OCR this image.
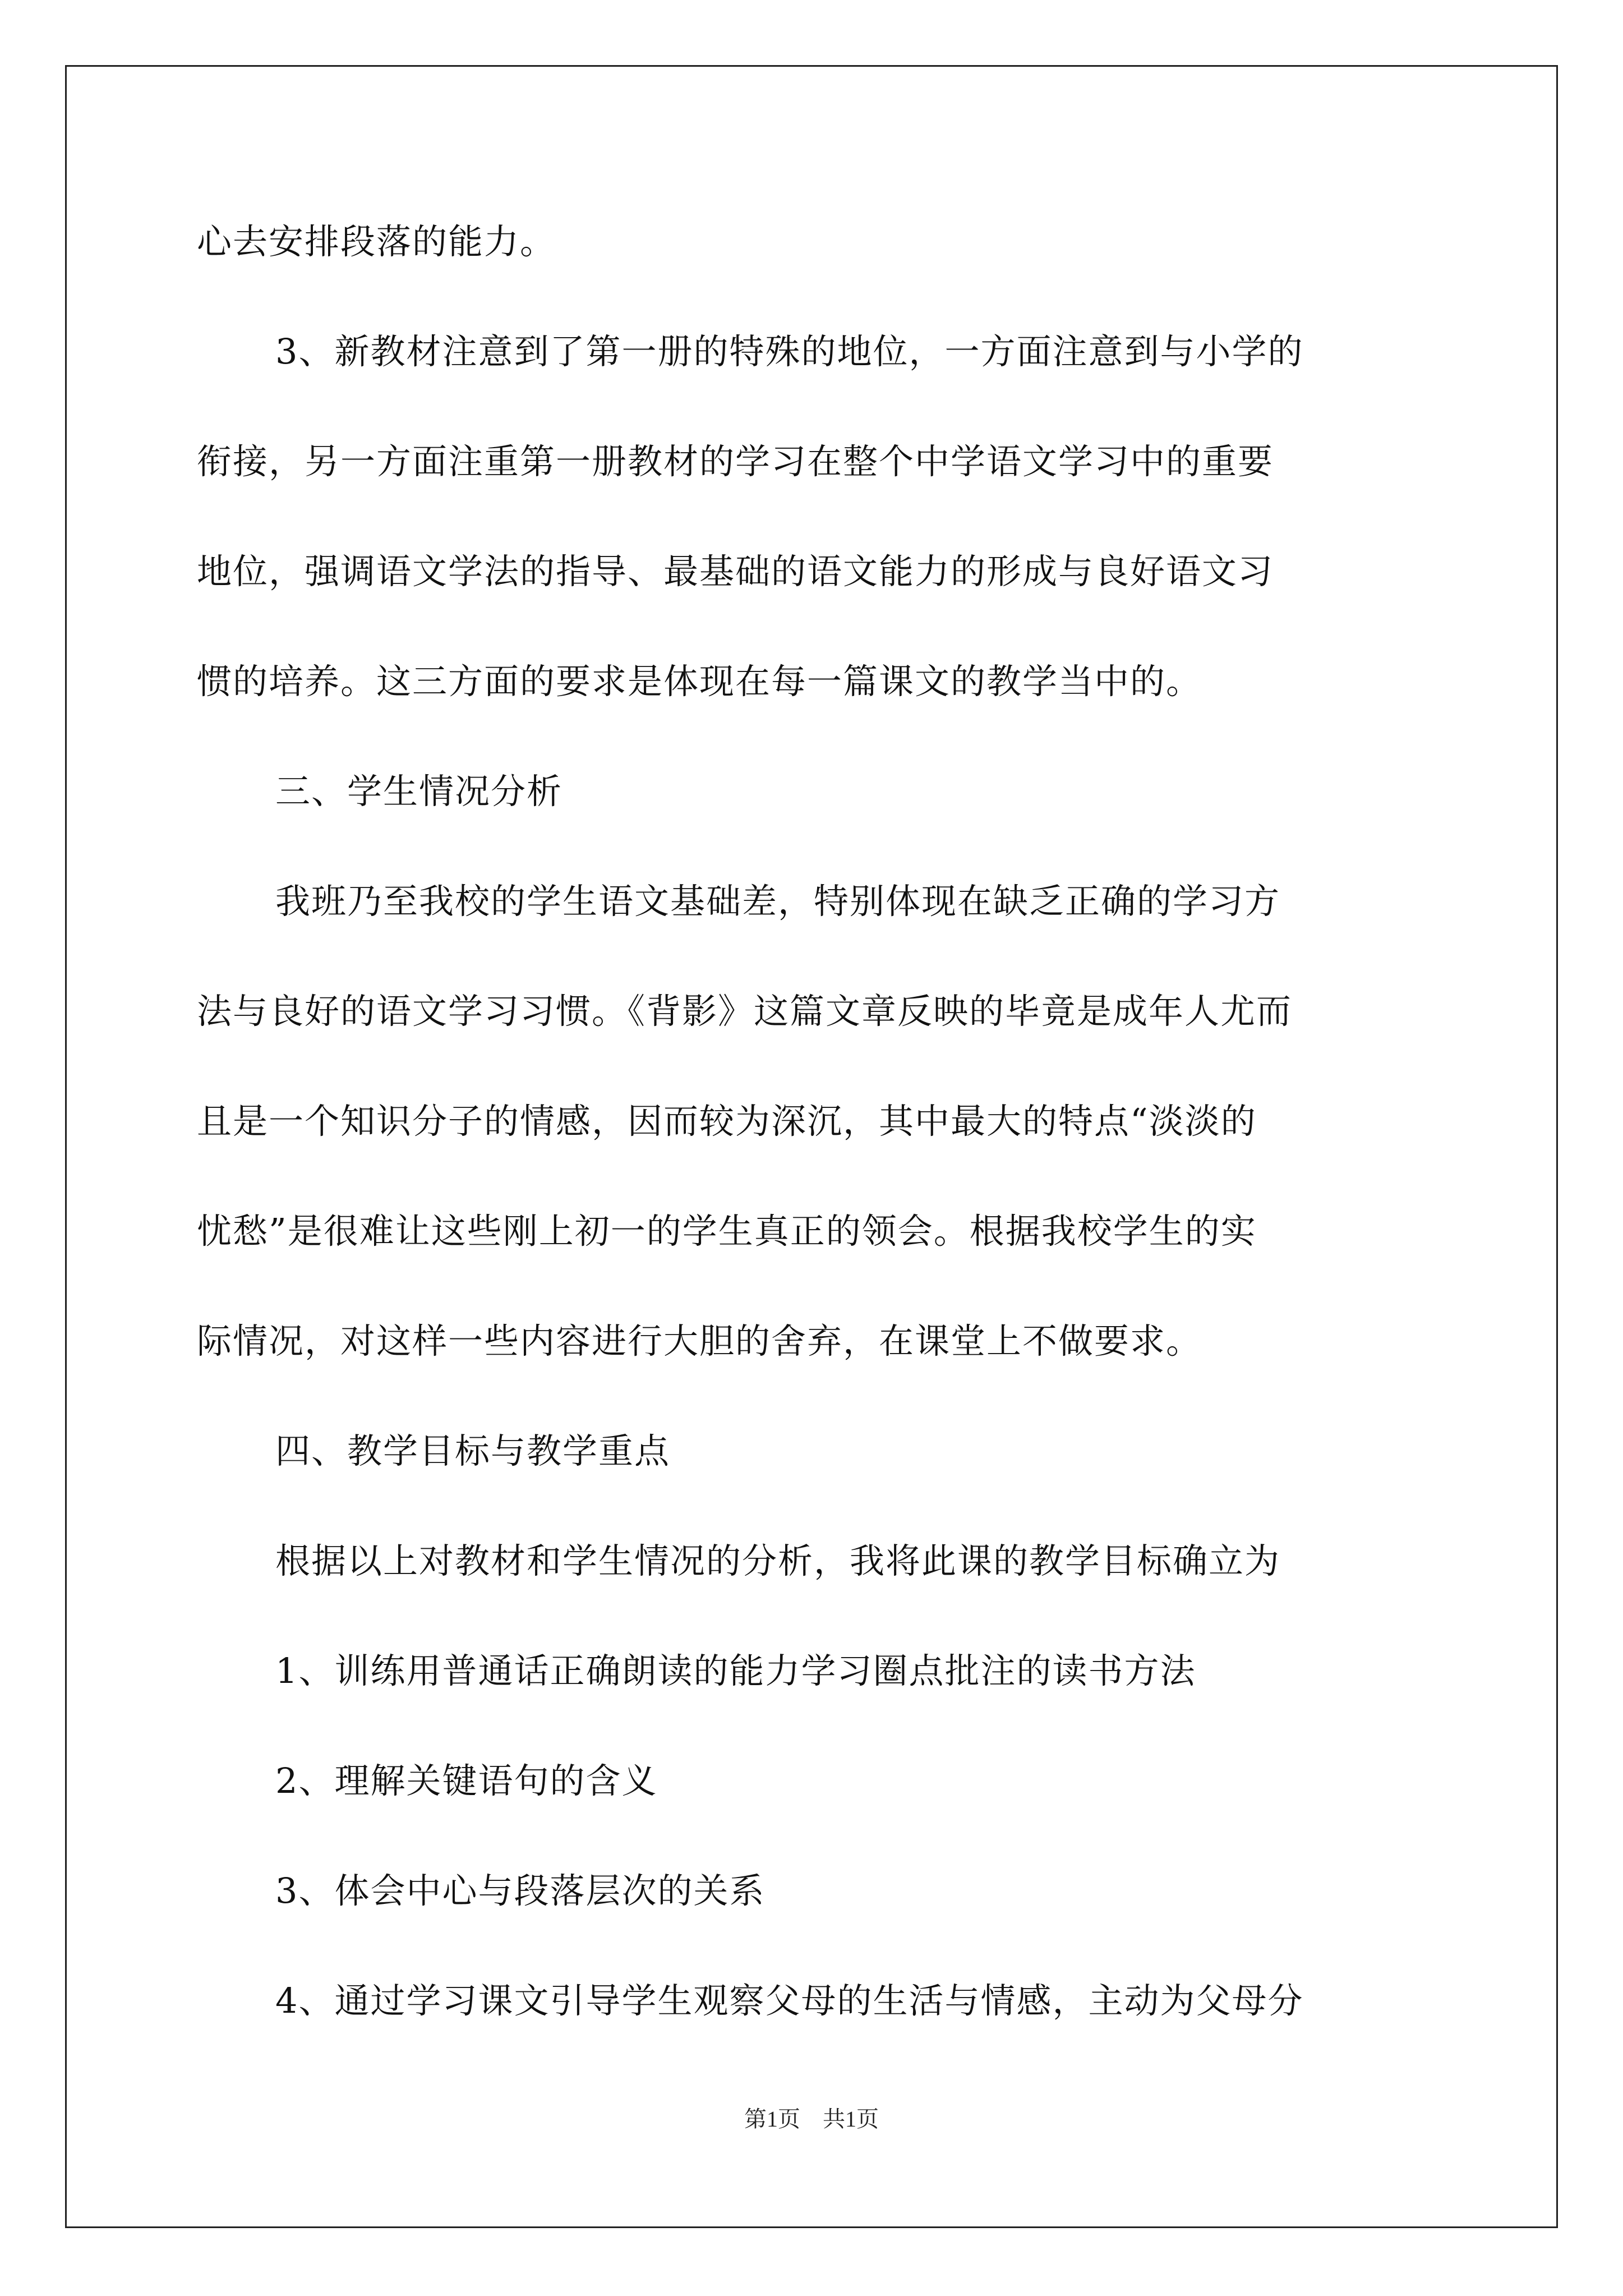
心去安排段落的能力。
3、新教材注意到了第一册的特殊的地位，一方面注意到与小学的
衔接，另一方面注重第一册教材的学习在整个中学语文学习中的重要
地位，强调语文学法的指导、最基础的语文能力的形成与良好语文习
惯的培养。这三方面的要求是体现在每一篇课文的教学当中的。
三、学生情况分析
我班乃至我校的学生语文基础差，特别体现在缺乏正确的学习方
法与良好的语文学习习惯。《背影》这篇文章反映的毕竟是成年人尤而
且是一个知识分子的情感，因而较为深沉，其中最大的特点“淡淡的
忧愁”是很难让这些刚上初一的学生真正的领会。根据我校学生的实
际情况，对这样一些内容进行大胆的舍弃，在课堂上不做要求。
四、教学目标与教学重点
根据以上对教材和学生情况的分析，我将此课的教学目标确立为
1、训练用普通话正确朗读的能力学习圈点批注的读书方法
2、理解关键语句的含义
3、体会中心与段落层次的关系
4、通过学习课文引导学生观察父母的生活与情感，主动为父母分
第1页 共1页
